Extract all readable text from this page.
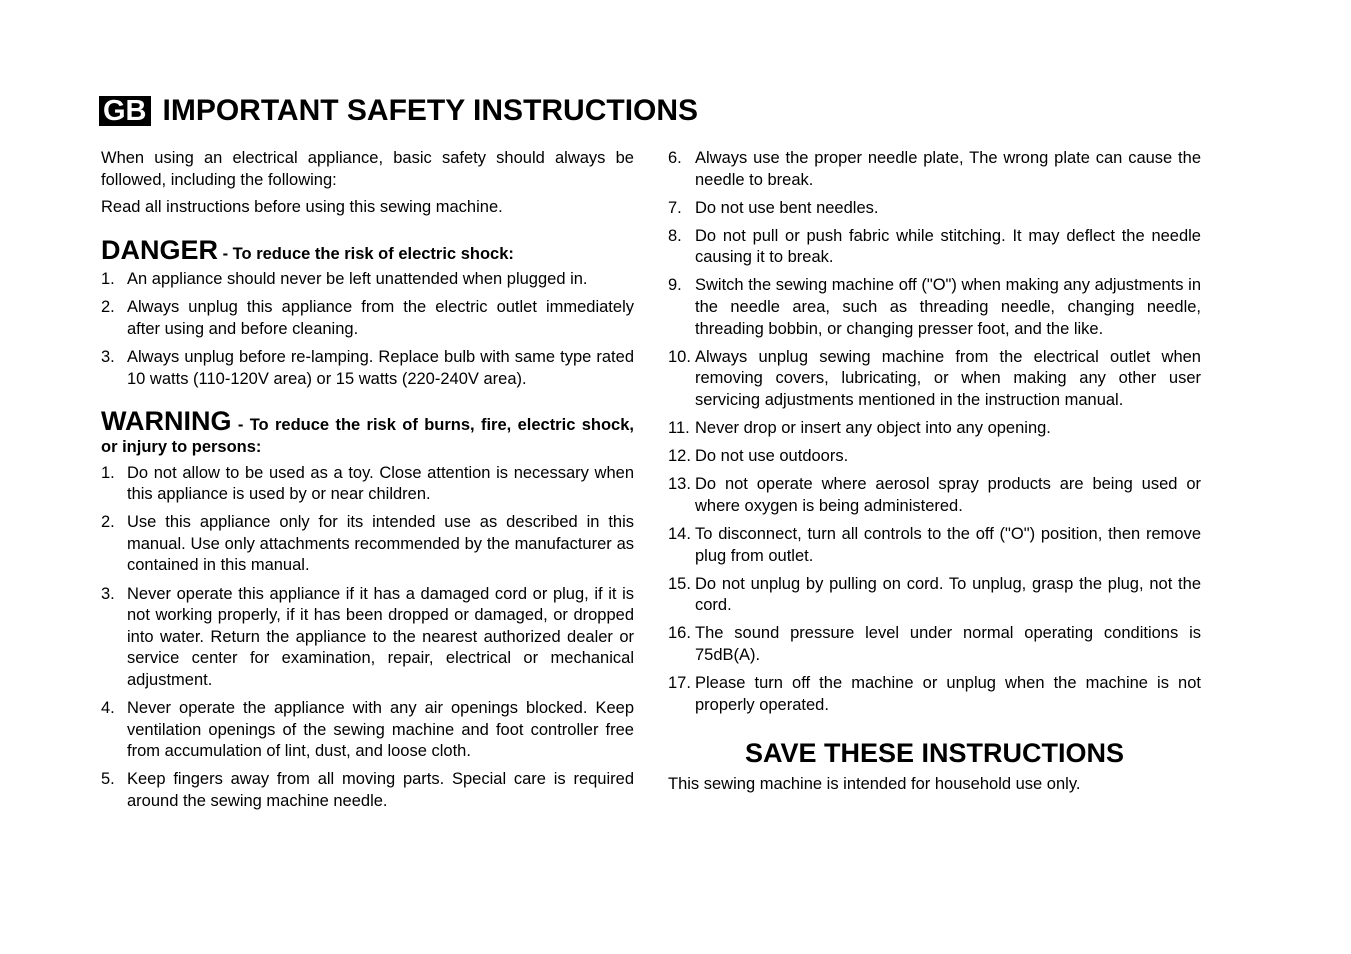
GB IMPORTANT SAFETY INSTRUCTIONS

When using an electrical appliance, basic safety should always be followed, including the following:

Read all instructions before using this sewing machine.

DANGER - To reduce the risk of electric shock:
1. An appliance should never be left unattended when plugged in.
2. Always unplug this appliance from the electric outlet immediately after using and before cleaning.
3. Always unplug before re-lamping. Replace bulb with same type rated 10 watts (110-120V area) or 15 watts (220-240V area).
WARNING - To reduce the risk of burns, fire, electric shock, or injury to persons:
1. Do not allow to be used as a toy. Close attention is necessary when this appliance is used by or near children.
2. Use this appliance only for its intended use as described in this manual. Use only attachments recommended by the manufacturer as contained in this manual.
3. Never operate this appliance if it has a damaged cord or plug, if it is not working properly, if it has been dropped or damaged, or dropped into water. Return the appliance to the nearest authorized dealer or service center for examination, repair, electrical or mechanical adjustment.
4. Never operate the appliance with any air openings blocked. Keep ventilation openings of the sewing machine and foot controller free from accumulation of lint, dust, and loose cloth.
5. Keep fingers away from all moving parts. Special care is required around the sewing machine needle.
6. Always use the proper needle plate, The wrong plate can cause the needle to break.
7. Do not use bent needles.
8. Do not pull or push fabric while stitching. It may deflect the needle causing it to break.
9. Switch the sewing machine off ("O") when making any adjustments in the needle area, such as threading needle, changing needle, threading bobbin, or changing presser foot, and the like.
10. Always unplug sewing machine from the electrical outlet when removing covers, lubricating, or when making any other user servicing adjustments mentioned in the instruction manual.
11. Never drop or insert any object into any opening.
12. Do not use outdoors.
13. Do not operate where aerosol spray products are being used or where oxygen is being administered.
14. To disconnect, turn all controls to the off ("O") position, then remove plug from outlet.
15. Do not unplug by pulling on cord. To unplug, grasp the plug, not the cord.
16. The sound pressure level under normal operating conditions is 75dB(A).
17. Please turn off the machine or unplug when the machine is not properly operated.
SAVE THESE INSTRUCTIONS

This sewing machine is intended for household use only.
